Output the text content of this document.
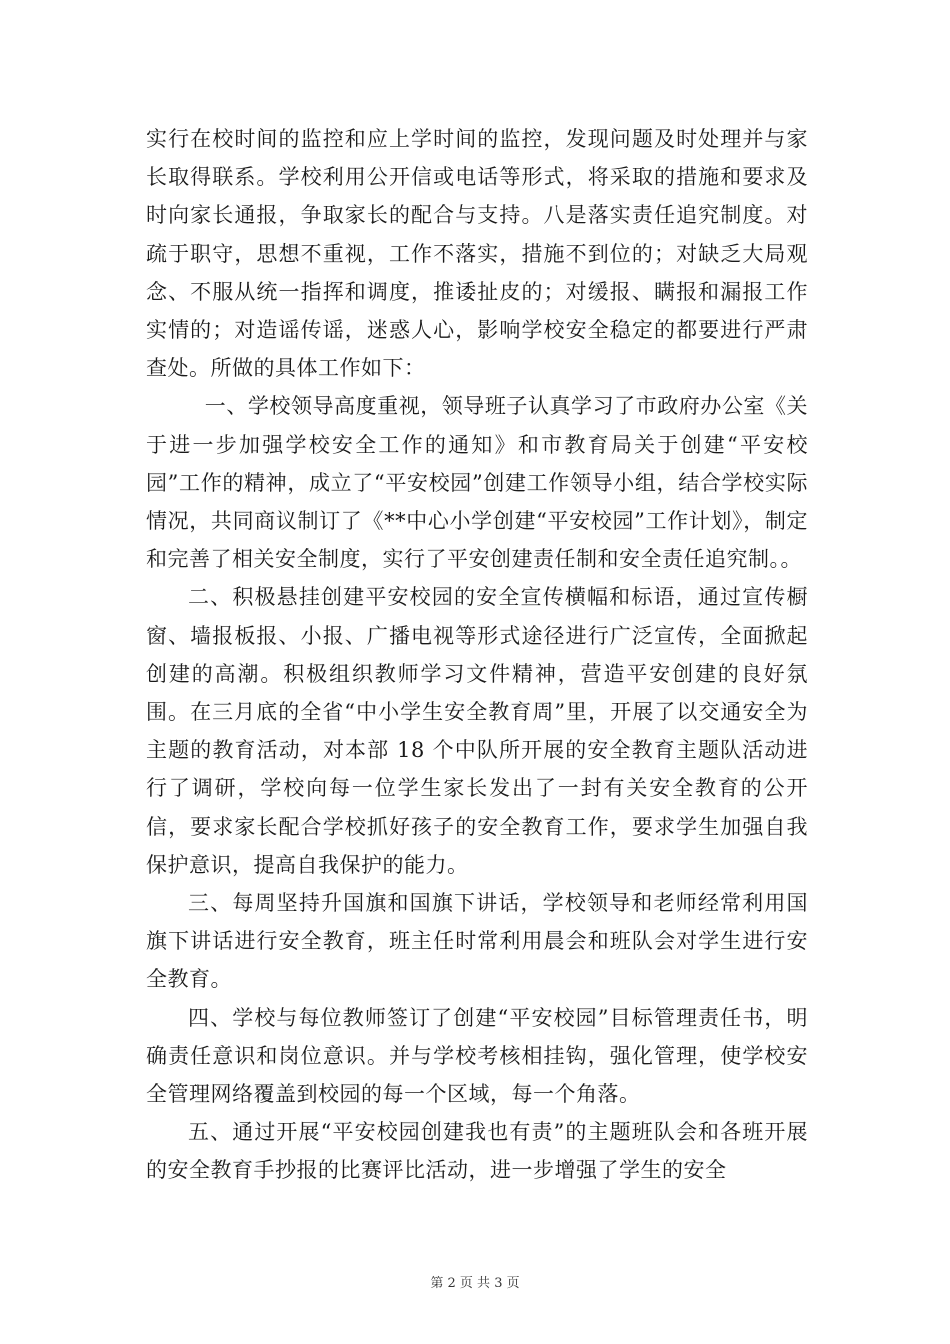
实行在校时间的监控和应上学时间的监控，发现问题及时处理并与家长取得联系。学校利用公开信或电话等形式，将采取的措施和要求及时向家长通报，争取家长的配合与支持。八是落实责任追究制度。对疏于职守，思想不重视，工作不落实，措施不到位的；对缺乏大局观念、不服从统一指挥和调度，推诿扯皮的；对缓报、瞒报和漏报工作实情的；对造谣传谣，迷惑人心，影响学校安全稳定的都要进行严肃查处。所做的具体工作如下：

一、学校领导高度重视，领导班子认真学习了市政府办公室《关于进一步加强学校安全工作的通知》和市教育局关于创建“平安校园”工作的精神，成立了“平安校园”创建工作领导小组，结合学校实际情况，共同商议制订了《**中心小学创建“平安校园”工作计划》，制定和完善了相关安全制度，实行了平安创建责任制和安全责任追究制。。

二、积极悬挂创建平安校园的安全宣传横幅和标语，通过宣传橱窗、墙报板报、小报、广播电视等形式途径进行广泛宣传，全面掀起创建的高潮。积极组织教师学习文件精神，营造平安创建的良好氛围。在三月底的全省“中小学生安全教育周”里，开展了以交通安全为主题的教育活动，对本部 18 个中队所开展的安全教育主题队活动进行了调研，学校向每一位学生家长发出了一封有关安全教育的公开信，要求家长配合学校抓好孩子的安全教育工作，要求学生加强自我保护意识，提高自我保护的能力。

三、每周坚持升国旗和国旗下讲话，学校领导和老师经常利用国旗下讲话进行安全教育，班主任时常利用晨会和班队会对学生进行安全教育。

四、学校与每位教师签订了创建“平安校园”目标管理责任书，明确责任意识和岗位意识。并与学校考核相挂钩，强化管理，使学校安全管理网络覆盖到校园的每一个区域，每一个角落。

五、通过开展“平安校园创建我也有责”的主题班队会和各班开展的安全教育手抄报的比赛评比活动，进一步增强了学生的安全

第 2 页 共 3 页
